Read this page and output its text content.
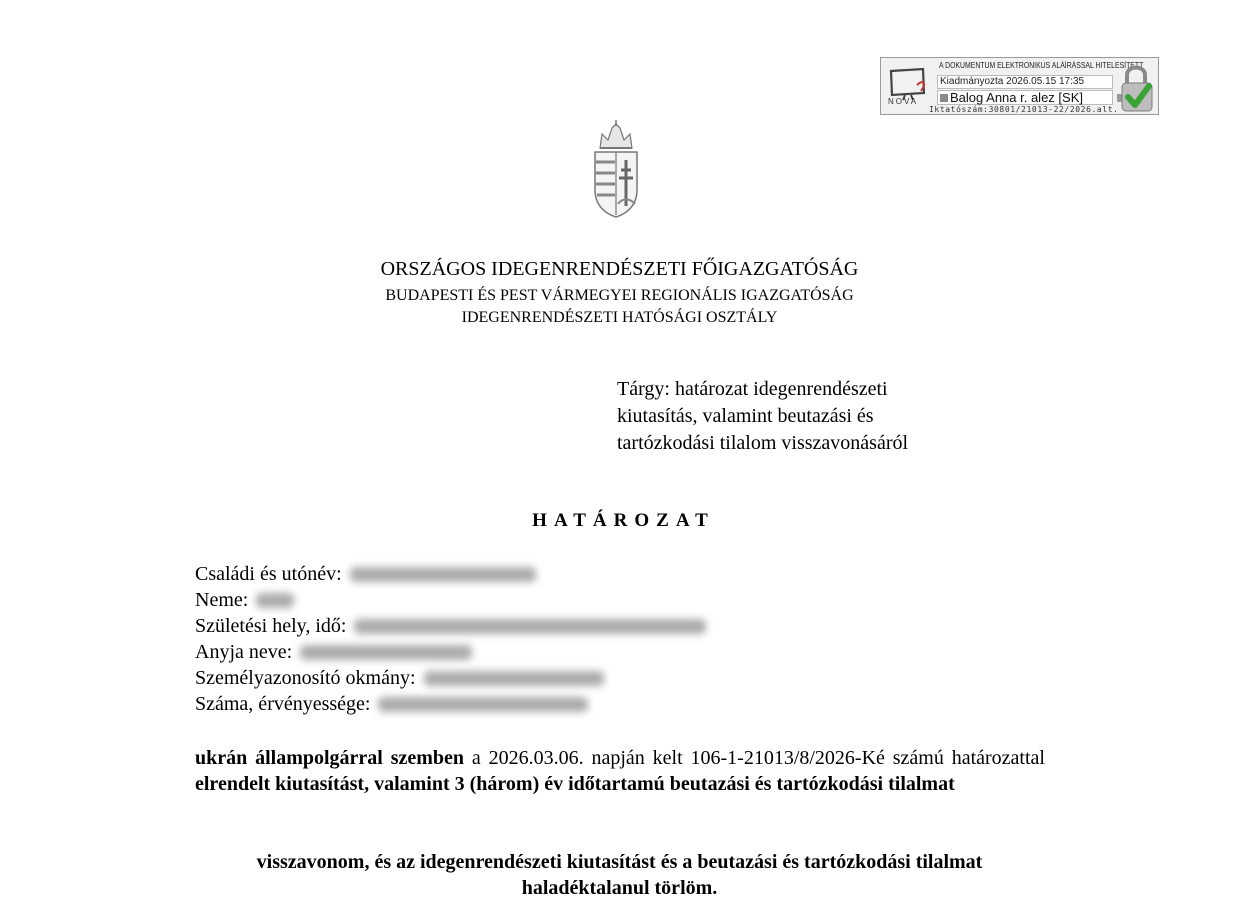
NOVA
A DOKUMENTUM ELEKTRONIKUS ALÁÍRÁSSAL HITELESÍTETT
Kiadmányozta 2026.05.15 17:35
Balog Anna r. alez [SK]
Iktatószám:30801/21013-22/2026.alt.
ORSZÁGOS IDEGENRENDÉSZETI FŐIGAZGATÓSÁG
BUDAPESTI ÉS PEST VÁRMEGYEI REGIONÁLIS IGAZGATÓSÁG
IDEGENRENDÉSZETI HATÓSÁGI OSZTÁLY
Tárgy: határozat idegenrendészeti
kiutasítás, valamint beutazási és
tartózkodási tilalom visszavonásáról
HATÁROZAT
Családi és utónév:
Neme:
Születési hely, idő:
Anyja neve:
Személyazonosító okmány:
Száma, érvényessége:
ukrán állampolgárral szemben a 2026.03.06. napján kelt 106-1-21013/8/2026-Ké számú határozattal elrendelt kiutasítást, valamint 3 (három) év időtartamú beutazási és tartózkodási tilalmat
visszavonom, és az idegenrendészeti kiutasítást és a beutazási és tartózkodási tilalmat
haladéktalanul törlöm.
